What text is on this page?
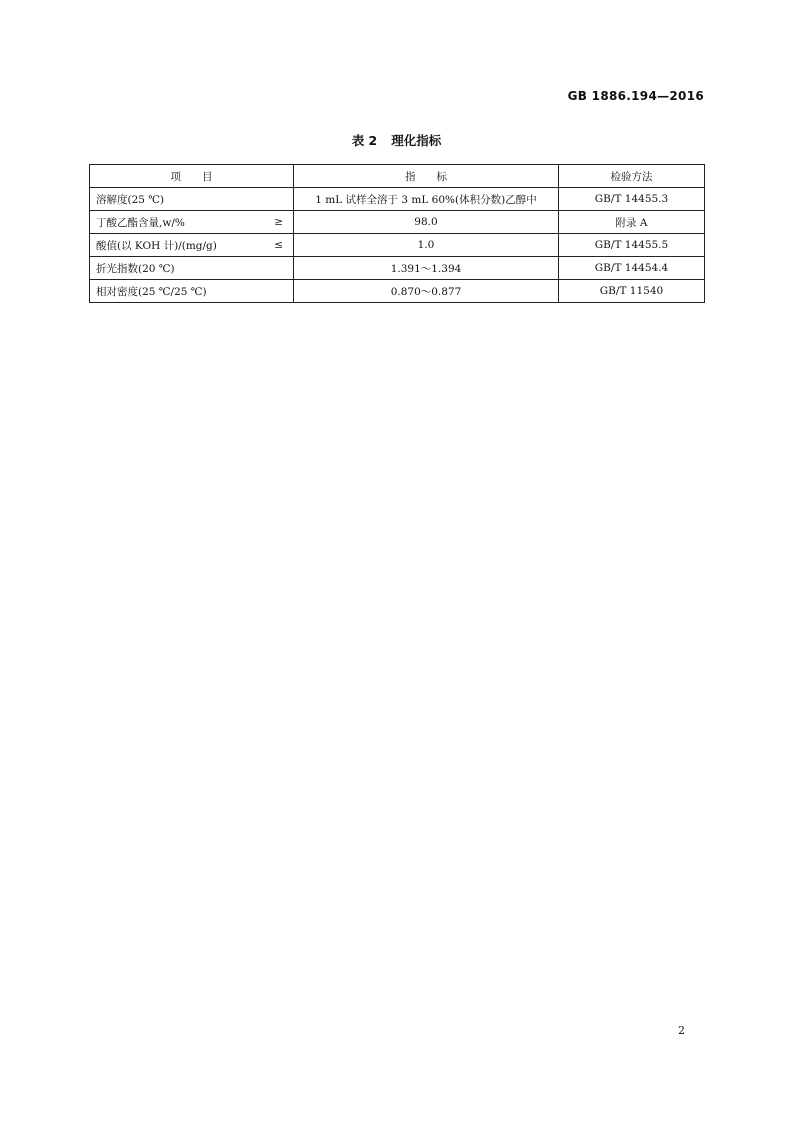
GB 1886.194—2016
表 2 理化指标
项　　目	指　　标	检验方法

溶解度(25 ℃)	1 mL 试样全溶于 3 mL 60%(体积分数)乙醇中	GB/T 14455.3

丁酸乙酯含量,w/% ≥	98.0	附录 A

酸值(以 KOH 计)/(mg/g) ≤	1.0	GB/T 14455.5

折光指数(20 ℃)	1.391～1.394	GB/T 14454.4

相对密度(25 ℃/25 ℃)	0.870～0.877	GB/T 11540
2
